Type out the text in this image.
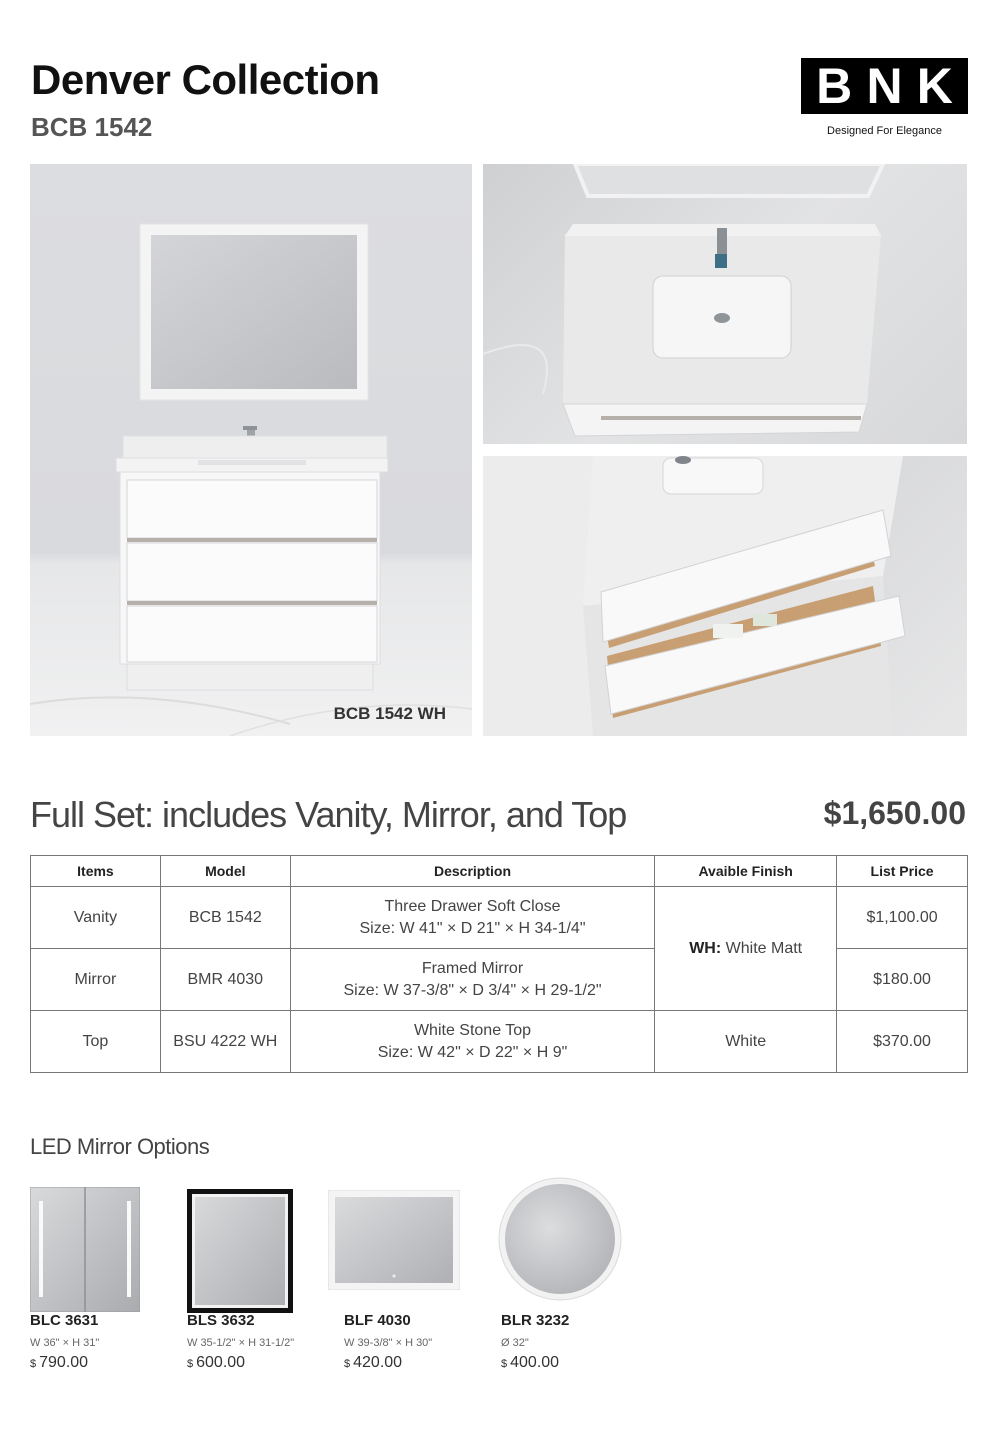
Denver Collection
BCB 1542
B N K
Designed For Elegance
BCB 1542 WH
Full Set: includes Vanity, Mirror, and Top	$1,650.00
Items	Model	Description	Avaible Finish	List Price
Vanity	BCB 1542	Three Drawer Soft Close
Size: W 41" × D 21" × H 34-1/4"	WH: White Matt	$1,100.00
Mirror	BMR 4030	Framed Mirror
Size: W 37-3/8" × D 3/4" × H 29-1/2"		$180.00
Top	BSU 4222 WH	White Stone Top
Size: W 42" × D 22" × H 9"	White	$370.00
LED Mirror Options
BLC 3631
W 36" × H 31"
$ 790.00
BLS 3632
W 35-1/2" × H 31-1/2"
$ 600.00
BLF 4030
W 39-3/8" × H 30"
$ 420.00
BLR 3232
Ø 32"
$ 400.00
